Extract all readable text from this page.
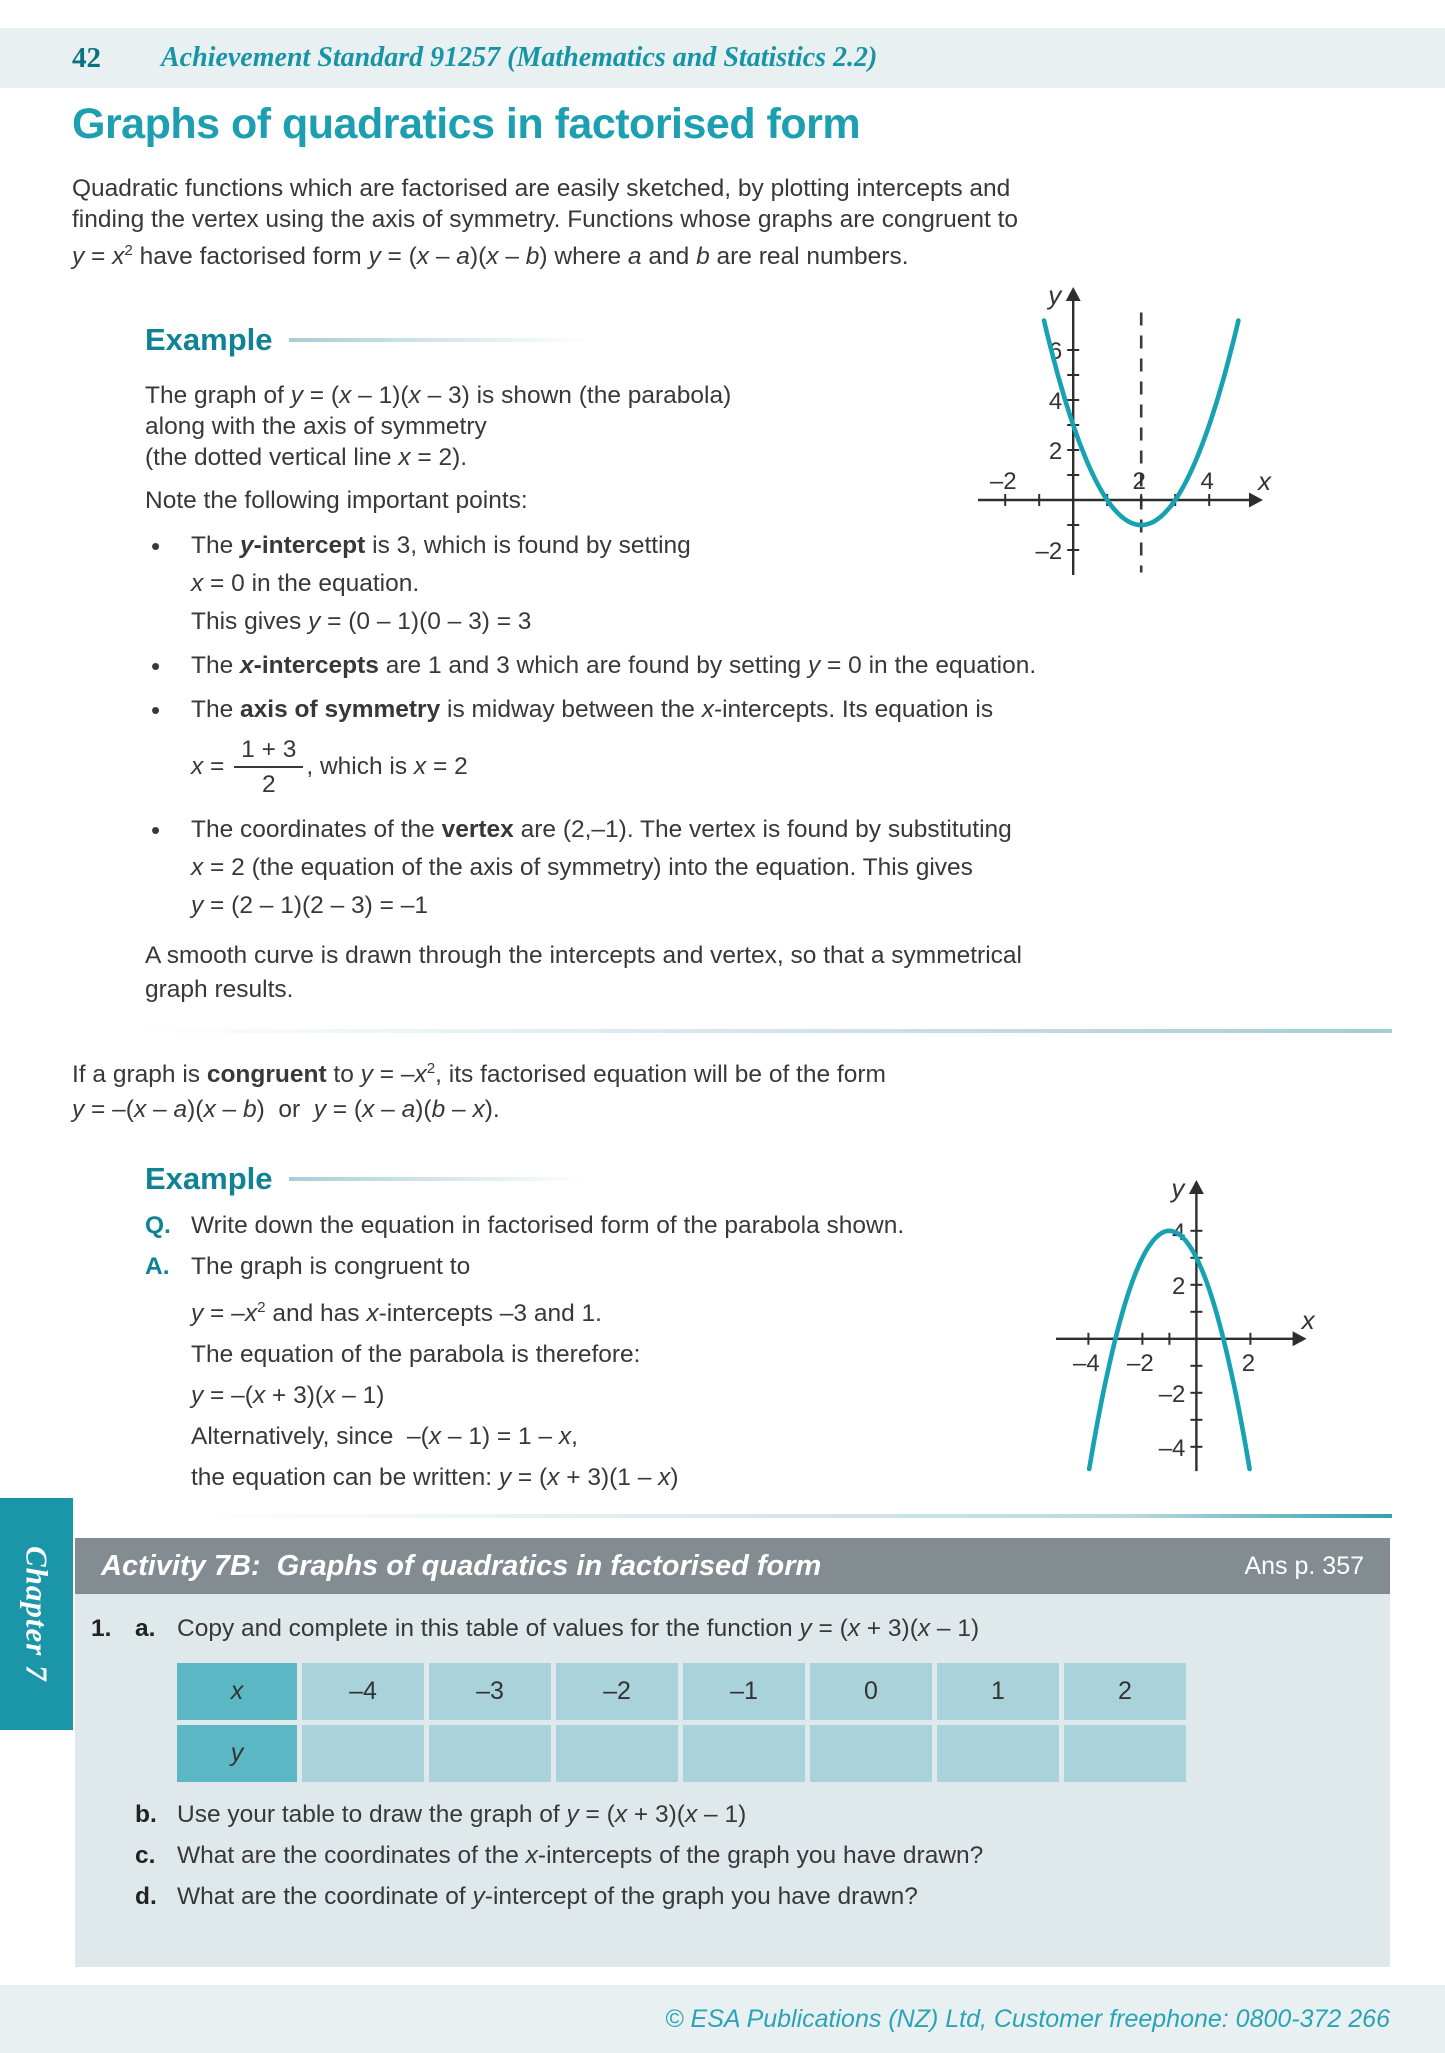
42 Achievement Standard 91257 (Mathematics and Statistics 2.2)
Graphs of quadratics in factorised form
Quadratic functions which are factorised are easily sketched, by plotting intercepts and
finding the vertex using the axis of symmetry. Functions whose graphs are congruent to
$y = x^2$ have factorised form y = (x – a)(x – b) where a and b are real numbers.
Example
–2	2 4
–2
2
4
6
x
y
The graph of y = (x – 1)(x – 3) is shown (the parabola)
along with the axis of symmetry
(the dotted vertical line x = 2).
Note the following important points:
• The y-intercept is 3, which is found by setting
x = 0 in the equation.
This gives y = (0 – 1)(0 – 3) = 3
• The x-intercepts are 1 and 3 which are found by setting y = 0 in the equation.
• The axis of symmetry is midway between the x-intercepts. Its equation is
$x = \frac{1 + 3}{2}$ , which is x = 2
• The coordinates of the vertex are (2,–1). The vertex is found by substituting
x = 2 (the equation of the axis of symmetry) into the equation. This gives
y = (2 – 1)(2 – 3) = –1
A smooth curve is drawn through the intercepts and vertex, so that a symmetrical
graph results.
If a graph is congruent to $y = -x^2$, its factorised equation will be of the form
y = –(x – a)(x – b)  or  y = (x – a)(b – x).
Example
–4 –2	2
–4
–2
2
4
x
y
Q. Write down the equation in factorised form of the parabola shown.
A. The graph is congruent to
$y = -x^2$ and has x-intercepts –3 and 1.
The equation of the parabola is therefore:
y = –(x + 3)(x – 1)
Alternatively, since  –(x – 1) = 1 – x,
the equation can be written: y = (x + 3)(1 – x)
Activity 7B:  Graphs of quadratics in factorised form	Ans p. 357
1. a. Copy and complete in this table of values for the function y = (x + 3)(x – 1)
x	–4	–3	–2	–1	0	1	2
y
b. Use your table to draw the graph of y = (x + 3)(x – 1)
c. What are the coordinates of the x-intercepts of the graph you have drawn?
d. What are the coordinate of y-intercept of the graph you have drawn?
Chapter 7
© ESA Publications (NZ) Ltd, Customer freephone: 0800-372 266
